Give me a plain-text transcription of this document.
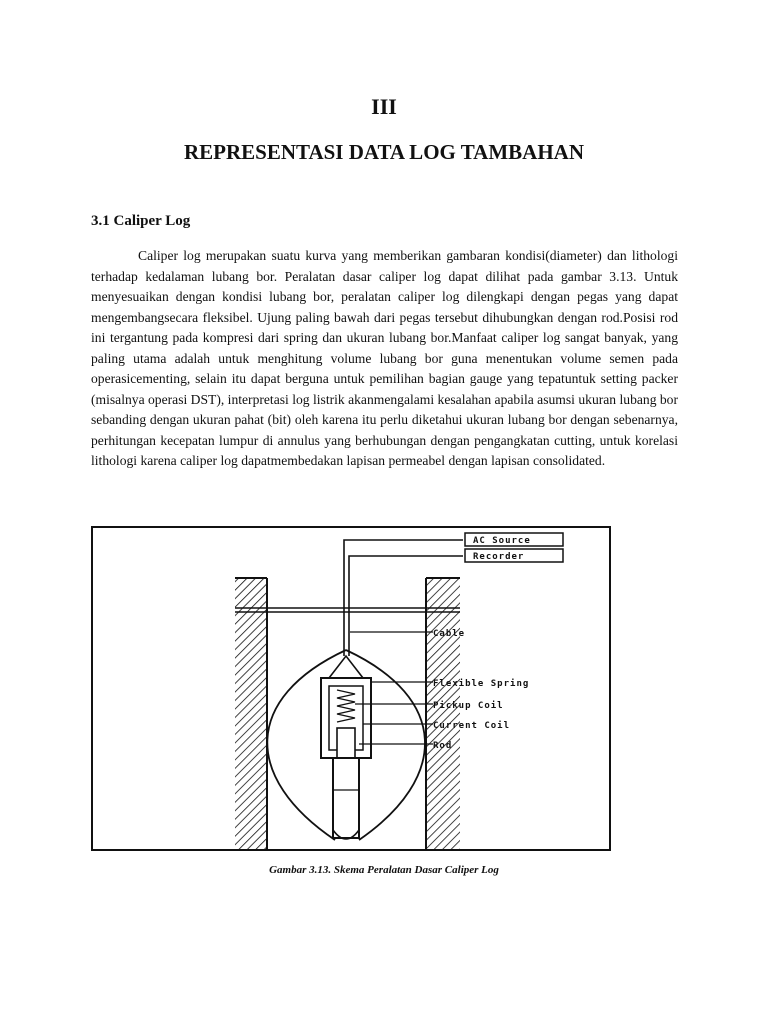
III
REPRESENTASI DATA LOG TAMBAHAN
3.1 Caliper Log

Caliper log merupakan suatu kurva yang memberikan gambaran kondisi(diameter) dan lithologi terhadap kedalaman lubang bor. Peralatan dasar caliper log dapat dilihat pada gambar 3.13. Untuk menyesuaikan dengan kondisi lubang bor, peralatan caliper log dilengkapi dengan pegas yang dapat mengembangsecara fleksibel. Ujung paling bawah dari pegas tersebut dihubungkan dengan rod.Posisi rod ini tergantung pada kompresi dari spring dan ukuran lubang bor.Manfaat caliper log sangat banyak, yang paling utama adalah untuk menghitung volume lubang bor guna menentukan volume semen pada operasicementing, selain itu dapat berguna untuk pemilihan bagian gauge yang tepatuntuk setting packer (misalnya operasi DST), interpretasi log listrik akanmengalami kesalahan apabila asumsi ukuran lubang bor sebanding dengan ukuran pahat (bit) oleh karena itu perlu diketahui ukuran lubang bor dengan sebenarnya, perhitungan kecepatan lumpur di annulus yang berhubungan dengan pengangkatan cutting, untuk korelasi lithologi karena caliper log dapatmembedakan lapisan permeabel dengan lapisan consolidated.

AC Source
Recorder
Cable
Flexible Spring
Pickup Coil
Current Coil
Rod
Gambar 3.13. Skema Peralatan Dasar Caliper Log
